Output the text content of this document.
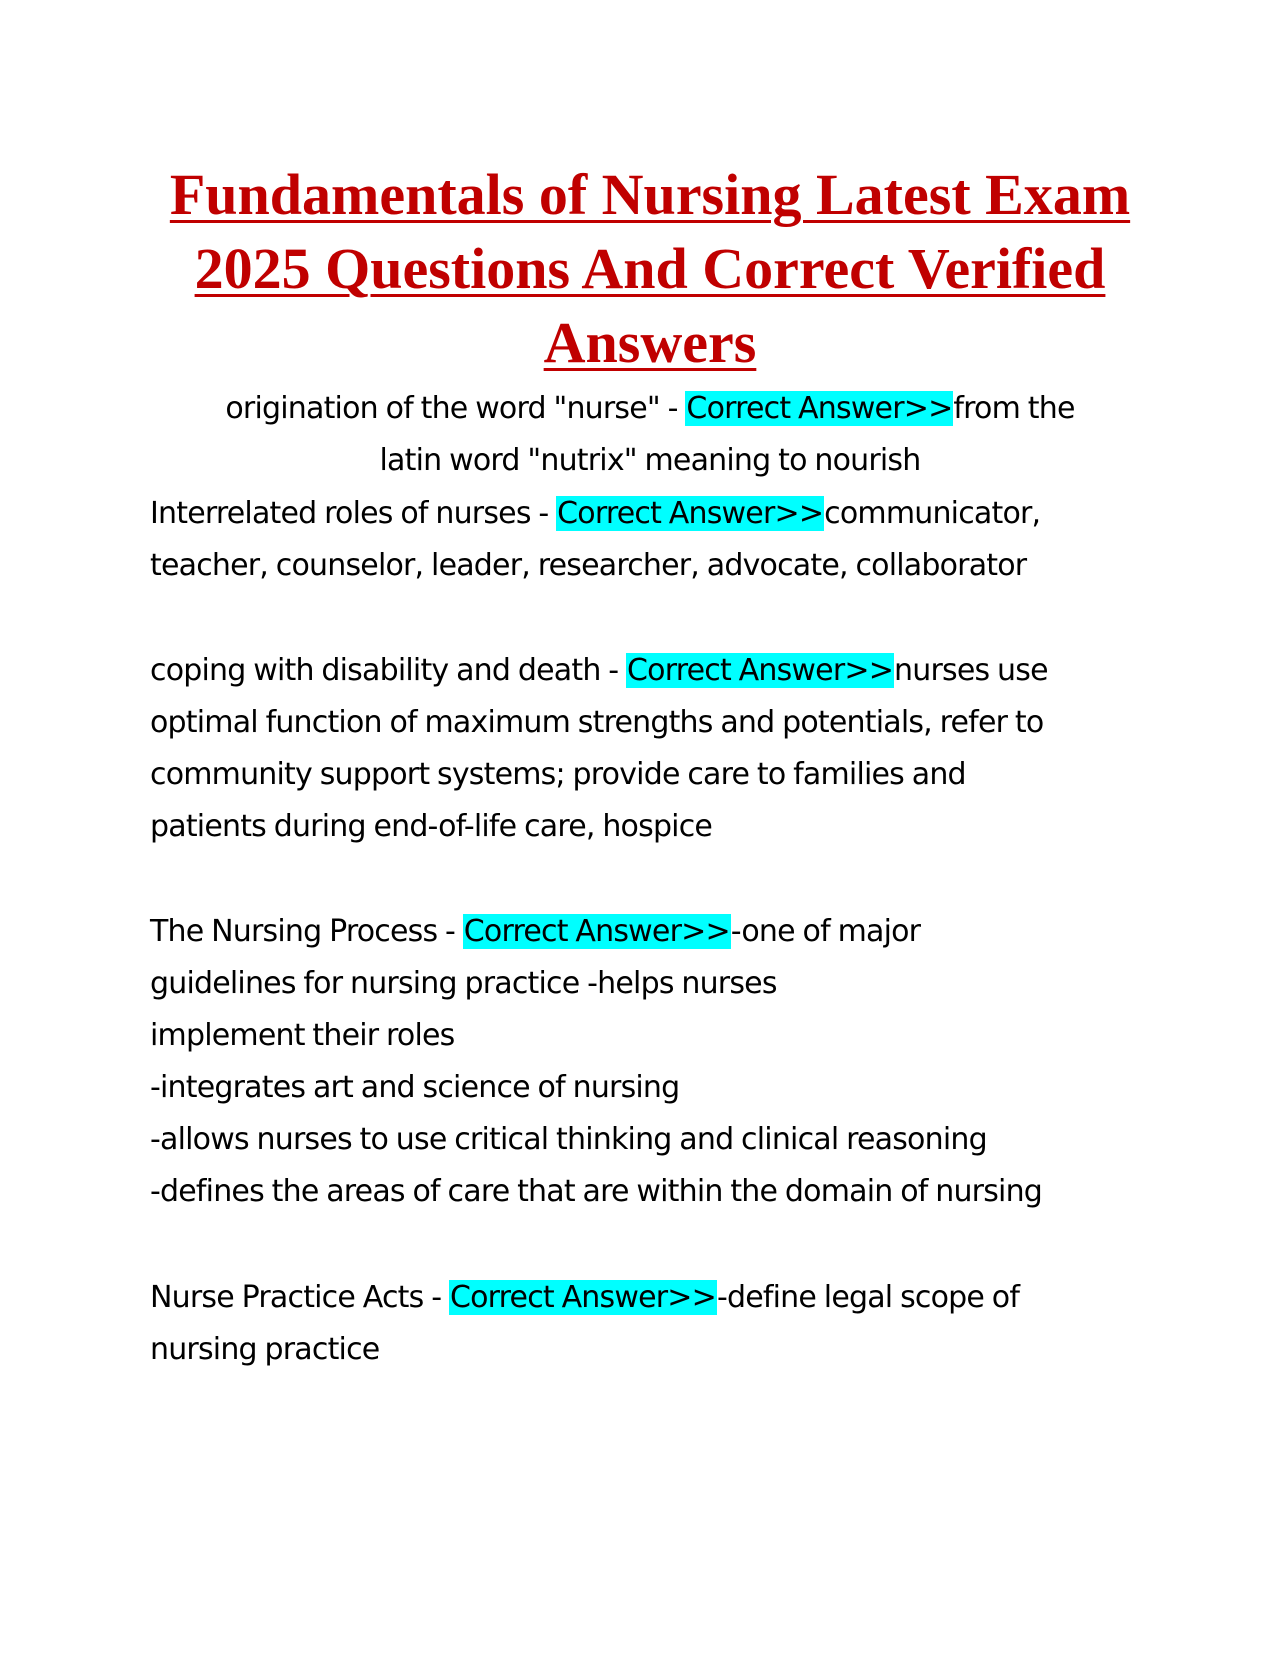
Fundamentals of Nursing Latest Exam
2025 Questions And Correct Verified
Answers

origination of the word "nurse" - Correct Answer>>from the
latin word "nutrix" meaning to nourish

Interrelated roles of nurses - Correct Answer>>communicator,
teacher, counselor, leader, researcher, advocate, collaborator

coping with disability and death - Correct Answer>>nurses use
optimal function of maximum strengths and potentials, refer to
community support systems; provide care to families and
patients during end-of-life care, hospice

The Nursing Process - Correct Answer>>-one of major
guidelines for nursing practice -helps nurses
implement their roles
-integrates art and science of nursing
-allows nurses to use critical thinking and clinical reasoning
-defines the areas of care that are within the domain of nursing

Nurse Practice Acts - Correct Answer>>-define legal scope of
nursing practice
